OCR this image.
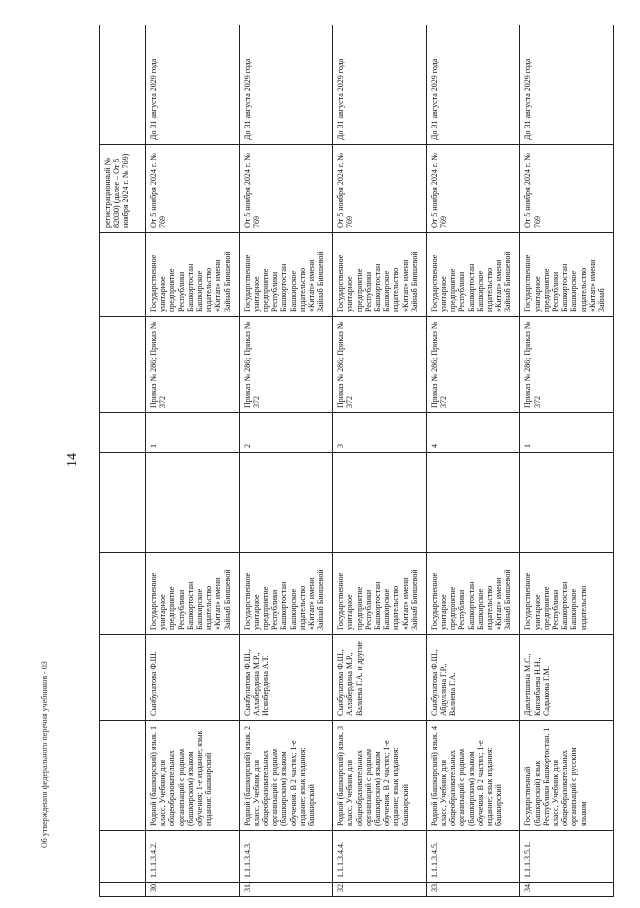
14
									регистрационный № 82030) (далее – От 5 ноября 2024 г. № 769)	
30.	1.1.1.3.4.2.	Родной (башкирский) язык. 1 класс. Учебник для общеобразовательных организаций с родным (башкирским) языком обучения; 1-е издание; язык издания: башкирский	Сынбулатова Ф.Ш.	Государственное унитарное предприятие Республики Башкортостан Башкирское издательство «Китап» имени Зайнаб Биишевой		1	Приказ № 286; Приказ № 372	Государственное унитарное предприятие Республики Башкортостан Башкирское издательство «Китап» имени Зайнаб Биишевой	От 5 ноября 2024 г. № 769	До 31 августа 2029 года
31.	1.1.1.3.4.3.	Родной (башкирский) язык. 2 класс. Учебник для общеобразовательных организаций с родным (башкирским) языком обучения. В 2 частях; 1-е издание; язык издания: башкирский	Сынбулатова Ф.Ш., Аллабердина М.Р., Исянбердина А.Т.	Государственное унитарное предприятие Республики Башкортостан Башкирское издательство «Китап» имени Зайнаб Биишевой		2	Приказ № 286; Приказ № 372	Государственное унитарное предприятие Республики Башкортостан Башкирское издательство «Китап» имени Зайнаб Биишевой	От 5 ноября 2024 г. № 769	До 31 августа 2029 года
32.	1.1.1.3.4.4.	Родной (башкирский) язык. 3 класс. Учебник для общеобразовательных организаций с родным (башкирским) языком обучения. В 2 частях; 1-е издание; язык издания: башкирский	Сынбулатова Ф.Ш., Аллабердина М.Р., Валиева Г.А. и другие	Государственное унитарное предприятие Республики Башкортостан Башкирское издательство «Китап» имени Зайнаб Биишевой		3	Приказ № 286; Приказ № 372	Государственное унитарное предприятие Республики Башкортостан Башкирское издательство «Китап» имени Зайнаб Биишевой	От 5 ноября 2024 г. № 769	До 31 августа 2029 года
33.	1.1.1.3.4.5.	Родной (башкирский) язык. 4 класс. Учебник для общеобразовательных организаций с родным (башкирским) языком обучения. В 2 частях; 1-е издание; язык издания: башкирский	Сынбулатова Ф.Ш., Абдуллина Г.Р., Валиева Г.А.	Государственное унитарное предприятие Республики Башкортостан Башкирское издательство «Китап» имени Зайнаб Биишевой		4	Приказ № 286; Приказ № 372	Государственное унитарное предприятие Республики Башкортостан Башкирское издательство «Китап» имени Зайнаб Биишевой	От 5 ноября 2024 г. № 769	До 31 августа 2029 года
34.	1.1.1.3.5.1.	Государственный (башкирский) язык Республики Башкортостан. 1 класс. Учебник для общеобразовательных организаций с русским языком	Давлетшина М.С., Кинзябаева Н.Н., Садыкова Г.М.	Государственное унитарное предприятие Республики Башкортостан Башкирское издательство		1	Приказ № 286; Приказ № 372	Государственное унитарное предприятие Республики Башкортостан Башкирское издательство «Китап» имени Зайнаб	От 5 ноября 2024 г. № 769	До 31 августа 2029 года
Об утверждении федерального перечня учебников - 03
